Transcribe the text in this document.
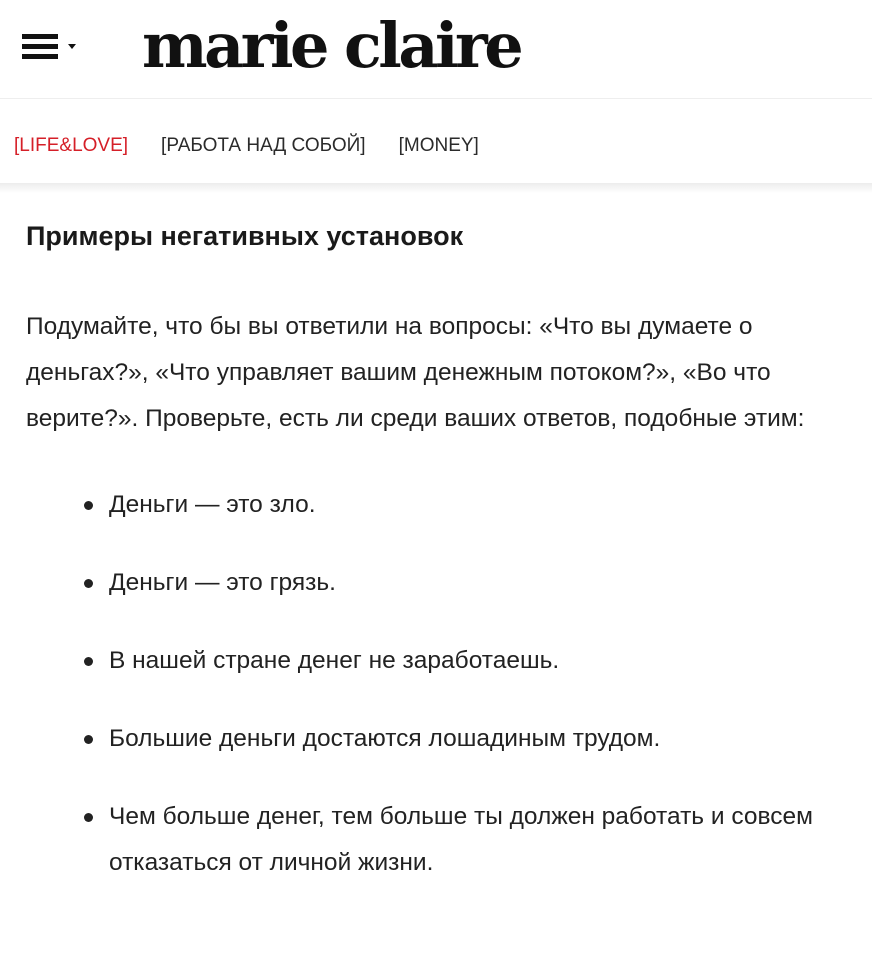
marie claire
[LIFE&LOVE] [РАБОТА НАД СОБОЙ] [MONEY]
Примеры негативных установок

Подумайте, что бы вы ответили на вопросы: «Что вы думаете о деньгах?», «Что управляет вашим денежным потоком?», «Во что верите?». Проверьте, есть ли среди ваших ответов, подобные этим:

Деньги — это зло.
Деньги — это грязь.
В нашей стране денег не заработаешь.
Большие деньги достаются лошадиным трудом.
Чем больше денег, тем больше ты должен работать и совсем отказаться от личной жизни.
